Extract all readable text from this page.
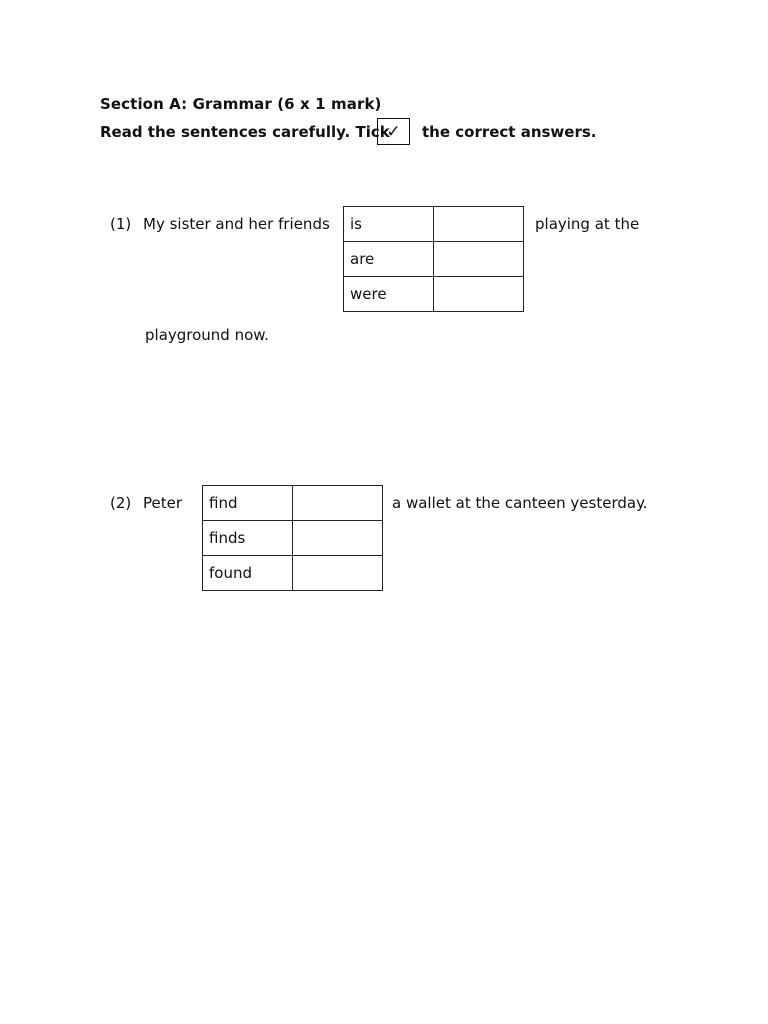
Section A: Grammar (6 x 1 mark)
Read the sentences carefully. Tick
✓ the correct answers.
(1) My sister and her friends is	
are	
were	
playing at the
playground now.
(2) Peter find	
finds	
found	
a wallet at the canteen yesterday.
